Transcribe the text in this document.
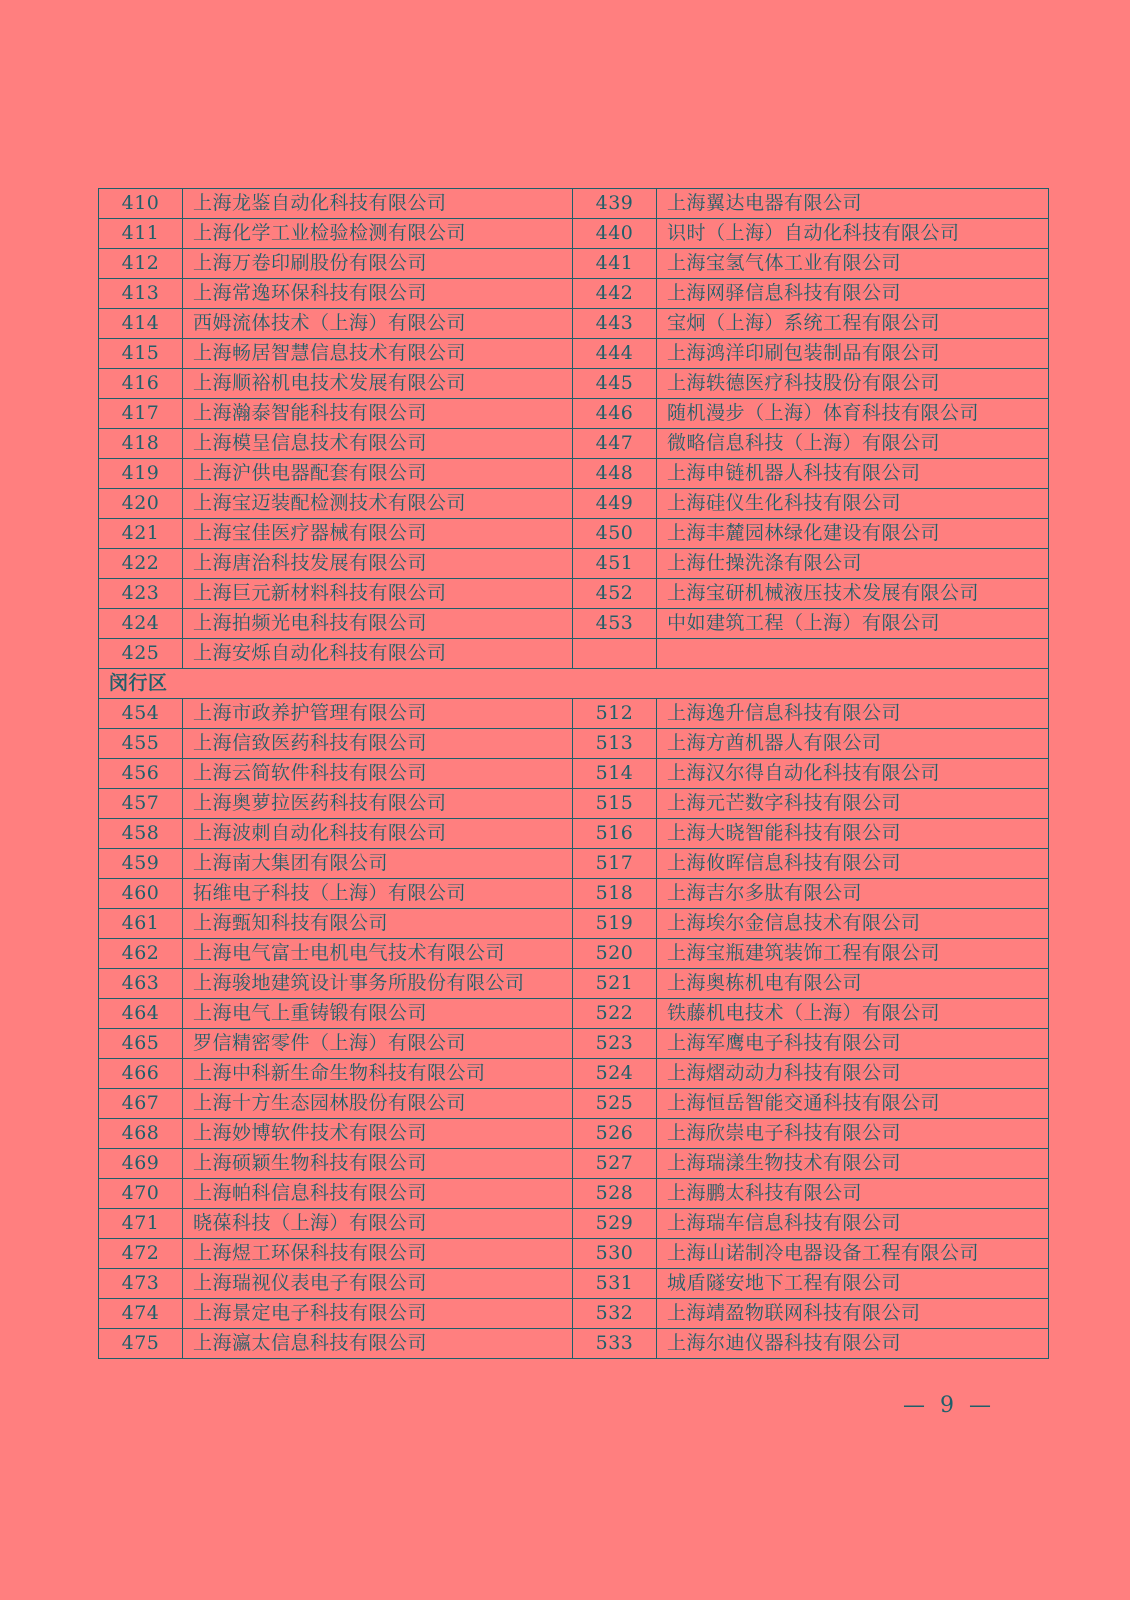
410	上海龙鉴自动化科技有限公司	439	上海翼达电器有限公司
411	上海化学工业检验检测有限公司	440	识时（上海）自动化科技有限公司
412	上海万卷印刷股份有限公司	441	上海宝氢气体工业有限公司
413	上海常逸环保科技有限公司	442	上海网驿信息科技有限公司
414	西姆流体技术（上海）有限公司	443	宝炯（上海）系统工程有限公司
415	上海畅居智慧信息技术有限公司	444	上海鸿洋印刷包装制品有限公司
416	上海顺裕机电技术发展有限公司	445	上海轶德医疗科技股份有限公司
417	上海瀚泰智能科技有限公司	446	随机漫步（上海）体育科技有限公司
418	上海模呈信息技术有限公司	447	微略信息科技（上海）有限公司
419	上海沪供电器配套有限公司	448	上海申链机器人科技有限公司
420	上海宝迈装配检测技术有限公司	449	上海硅仪生化科技有限公司
421	上海宝佳医疗器械有限公司	450	上海丰麓园林绿化建设有限公司
422	上海唐治科技发展有限公司	451	上海仕操洗涤有限公司
423	上海巨元新材料科技有限公司	452	上海宝研机械液压技术发展有限公司
424	上海拍频光电科技有限公司	453	中如建筑工程（上海）有限公司
425	上海安烁自动化科技有限公司		
闵行区			
454	上海市政养护管理有限公司	512	上海逸升信息科技有限公司
455	上海信致医药科技有限公司	513	上海方酋机器人有限公司
456	上海云简软件科技有限公司	514	上海汉尔得自动化科技有限公司
457	上海奥萝拉医药科技有限公司	515	上海元芒数字科技有限公司
458	上海波刺自动化科技有限公司	516	上海大晓智能科技有限公司
459	上海南大集团有限公司	517	上海攸晖信息科技有限公司
460	拓维电子科技（上海）有限公司	518	上海吉尔多肽有限公司
461	上海甄知科技有限公司	519	上海埃尔金信息技术有限公司
462	上海电气富士电机电气技术有限公司	520	上海宝瓶建筑装饰工程有限公司
463	上海骏地建筑设计事务所股份有限公司	521	上海奥栋机电有限公司
464	上海电气上重铸锻有限公司	522	铁藤机电技术（上海）有限公司
465	罗信精密零件（上海）有限公司	523	上海军鹰电子科技有限公司
466	上海中科新生命生物科技有限公司	524	上海熠动动力科技有限公司
467	上海十方生态园林股份有限公司	525	上海恒岳智能交通科技有限公司
468	上海妙博软件技术有限公司	526	上海欣崇电子科技有限公司
469	上海硕颖生物科技有限公司	527	上海瑞漾生物技术有限公司
470	上海帕科信息科技有限公司	528	上海鹏太科技有限公司
471	晓葆科技（上海）有限公司	529	上海瑞车信息科技有限公司
472	上海煜工环保科技有限公司	530	上海山诺制冷电器设备工程有限公司
473	上海瑞视仪表电子有限公司	531	城盾隧安地下工程有限公司
474	上海景定电子科技有限公司	532	上海靖盈物联网科技有限公司
475	上海瀛太信息科技有限公司	533	上海尔迪仪器科技有限公司
— 9 —
